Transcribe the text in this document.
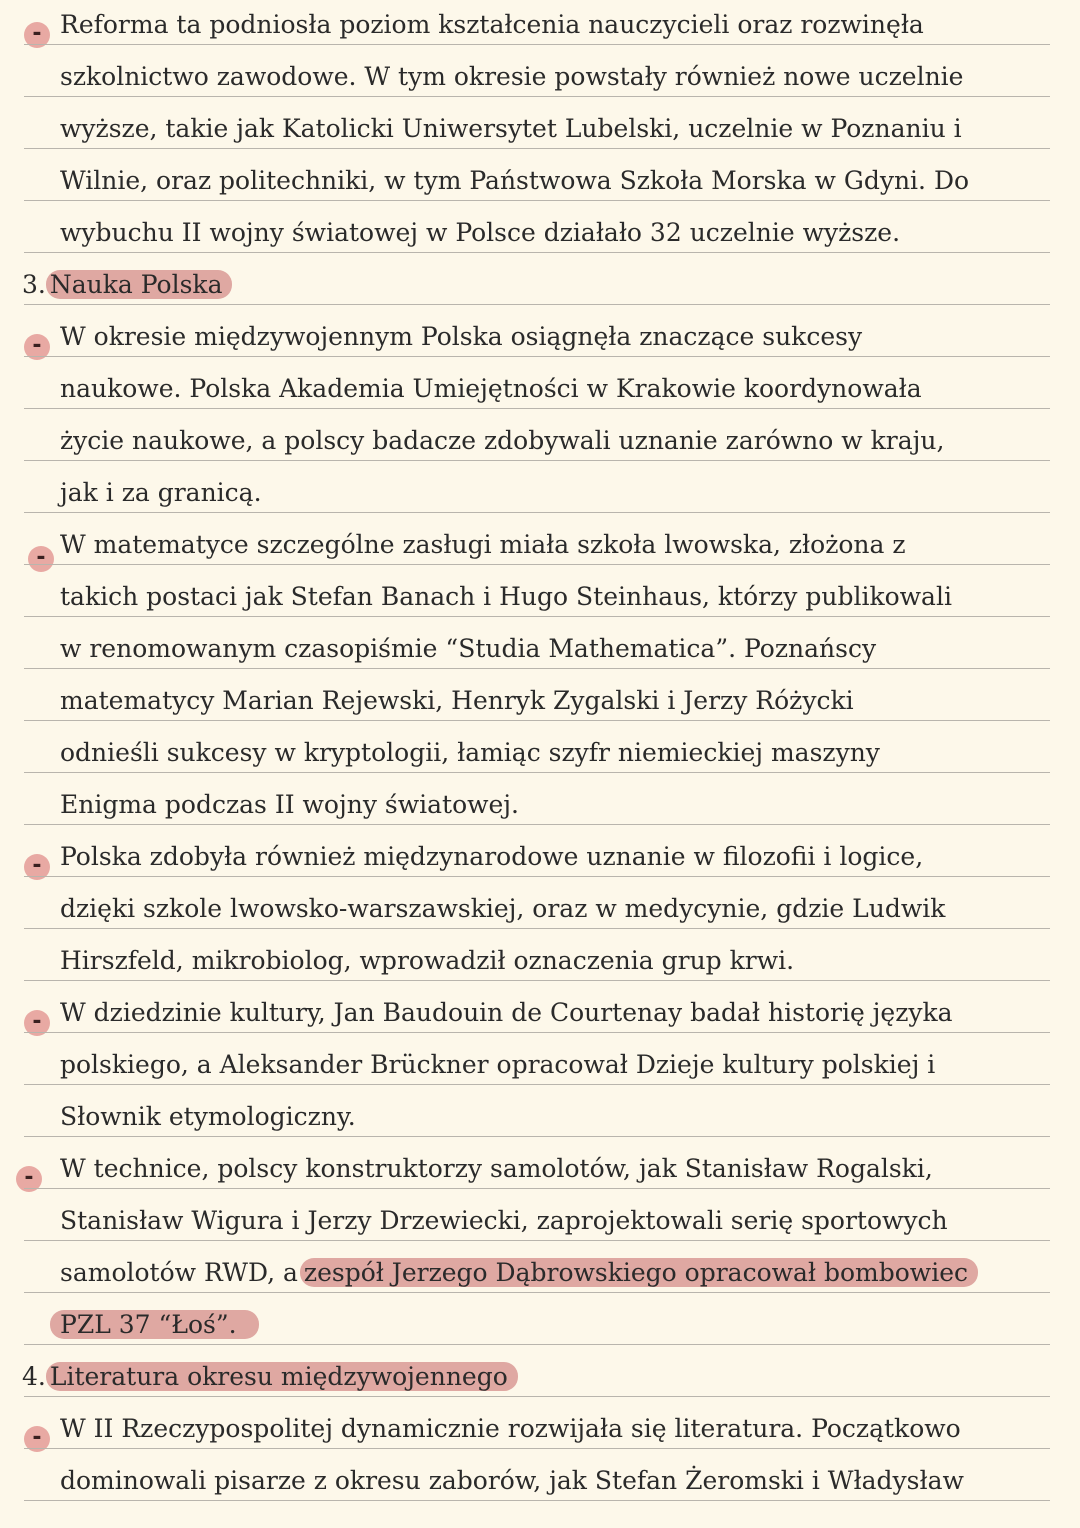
- Reforma ta podniosła poziom kształcenia nauczycieli oraz rozwinęła
szkolnictwo zawodowe. W tym okresie powstały również nowe uczelnie
wyższe, takie jak Katolicki Uniwersytet Lubelski, uczelnie w Poznaniu i
Wilnie, oraz politechniki, w tym Państwowa Szkoła Morska w Gdyni. Do
wybuchu II wojny światowej w Polsce działało 32 uczelnie wyższe.
3. Nauka Polska
- W okresie międzywojennym Polska osiągnęła znaczące sukcesy
naukowe. Polska Akademia Umiejętności w Krakowie koordynowała
życie naukowe, a polscy badacze zdobywali uznanie zarówno w kraju,
jak i za granicą.
- W matematyce szczególne zasługi miała szkoła lwowska, złożona z
takich postaci jak Stefan Banach i Hugo Steinhaus, którzy publikowali
w renomowanym czasopiśmie “Studia Mathematica”. Poznańscy
matematycy Marian Rejewski, Henryk Zygalski i Jerzy Różycki
odnieśli sukcesy w kryptologii, łamiąc szyfr niemieckiej maszyny
Enigma podczas II wojny światowej.
- Polska zdobyła również międzynarodowe uznanie w filozofii i logice,
dzięki szkole lwowsko-warszawskiej, oraz w medycynie, gdzie Ludwik
Hirszfeld, mikrobiolog, wprowadził oznaczenia grup krwi.
- W dziedzinie kultury, Jan Baudouin de Courtenay badał historię języka
polskiego, a Aleksander Brückner opracował Dzieje kultury polskiej i
Słownik etymologiczny.
-	W technice, polscy konstruktorzy samolotów, jak Stanisław Rogalski,
Stanisław Wigura i Jerzy Drzewiecki, zaprojektowali serię sportowych
samolotów RWD, a zespół Jerzego Dąbrowskiego opracował bombowiec
PZL 37 “Łoś”.
4. Literatura okresu międzywojennego
- W II Rzeczypospolitej dynamicznie rozwijała się literatura. Początkowo
dominowali pisarze z okresu zaborów, jak Stefan Żeromski i Władysław
